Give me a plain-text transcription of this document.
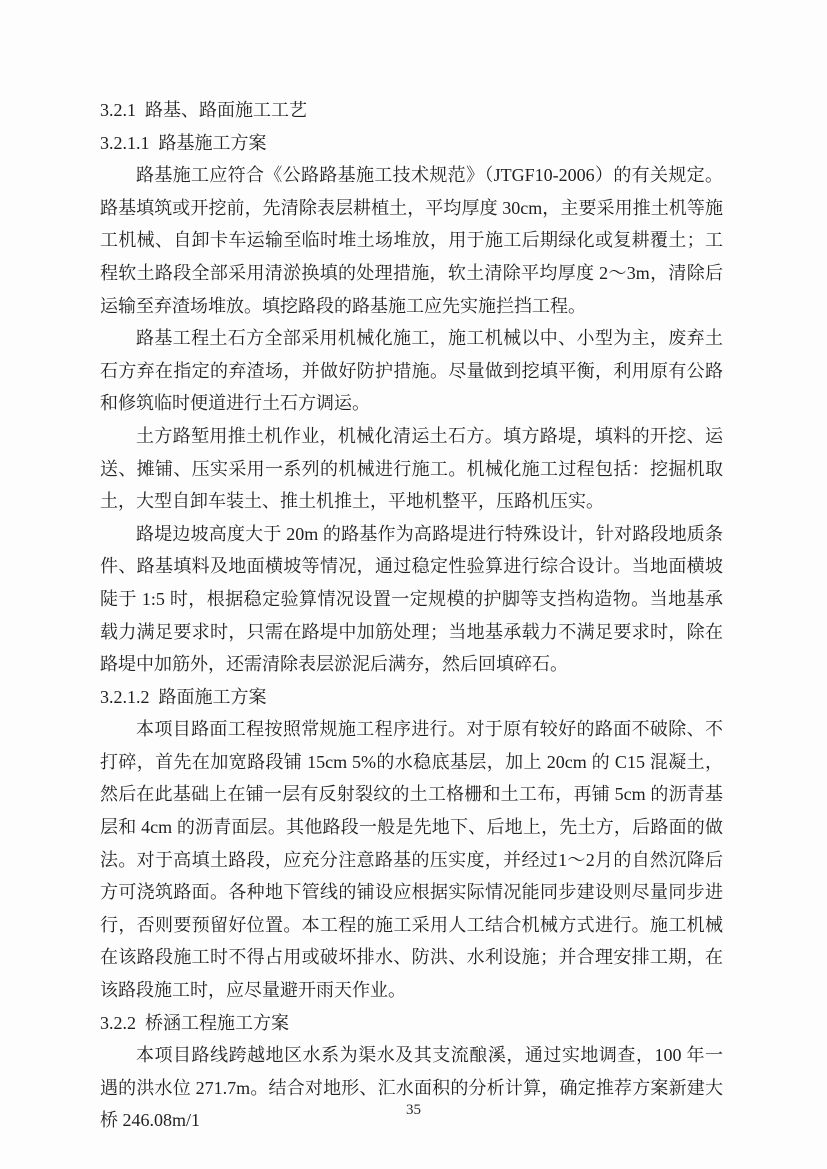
3.2.1  路基、路面施工工艺
3.2.1.1  路基施工方案

路基施工应符合《公路路基施工技术规范》（JTGF10-2006）的有关规定。路基填筑或开挖前，先清除表层耕植土，平均厚度 30cm，主要采用推土机等施工机械、自卸卡车运输至临时堆土场堆放，用于施工后期绿化或复耕覆土；工程软土路段全部采用清淤换填的处理措施，软土清除平均厚度 2～3m，清除后运输至弃渣场堆放。填挖路段的路基施工应先实施拦挡工程。

路基工程土石方全部采用机械化施工，施工机械以中、小型为主，废弃土石方弃在指定的弃渣场，并做好防护措施。尽量做到挖填平衡，利用原有公路和修筑临时便道进行土石方调运。

土方路堑用推土机作业，机械化清运土石方。填方路堤，填料的开挖、运送、摊铺、压实采用一系列的机械进行施工。机械化施工过程包括：挖掘机取土，大型自卸车装土、推土机推土，平地机整平，压路机压实。

路堤边坡高度大于 20m 的路基作为高路堤进行特殊设计，针对路段地质条件、路基填料及地面横坡等情况，通过稳定性验算进行综合设计。当地面横坡陡于 1:5 时，根据稳定验算情况设置一定规模的护脚等支挡构造物。当地基承载力满足要求时，只需在路堤中加筋处理；当地基承载力不满足要求时，除在路堤中加筋外，还需清除表层淤泥后满夯，然后回填碎石。

3.2.1.2  路面施工方案

本项目路面工程按照常规施工程序进行。对于原有较好的路面不破除、不打碎，首先在加宽路段铺 15cm 5%的水稳底基层，加上 20cm 的 C15 混凝土，然后在此基础上在铺一层有反射裂纹的土工格栅和土工布，再铺 5cm 的沥青基层和 4cm 的沥青面层。其他路段一般是先地下、后地上，先土方，后路面的做法。对于高填土路段，应充分注意路基的压实度，并经过1～2月的自然沉降后方可浇筑路面。各种地下管线的铺设应根据实际情况能同步建设则尽量同步进行，否则要预留好位置。本工程的施工采用人工结合机械方式进行。施工机械在该路段施工时不得占用或破坏排水、防洪、水利设施；并合理安排工期，在该路段施工时，应尽量避开雨天作业。

3.2.2  桥涵工程施工方案

本项目路线跨越地区水系为渠水及其支流酿溪，通过实地调查，100 年一遇的洪水位 271.7m。结合对地形、汇水面积的分析计算，确定推荐方案新建大桥 246.08m/1

35
